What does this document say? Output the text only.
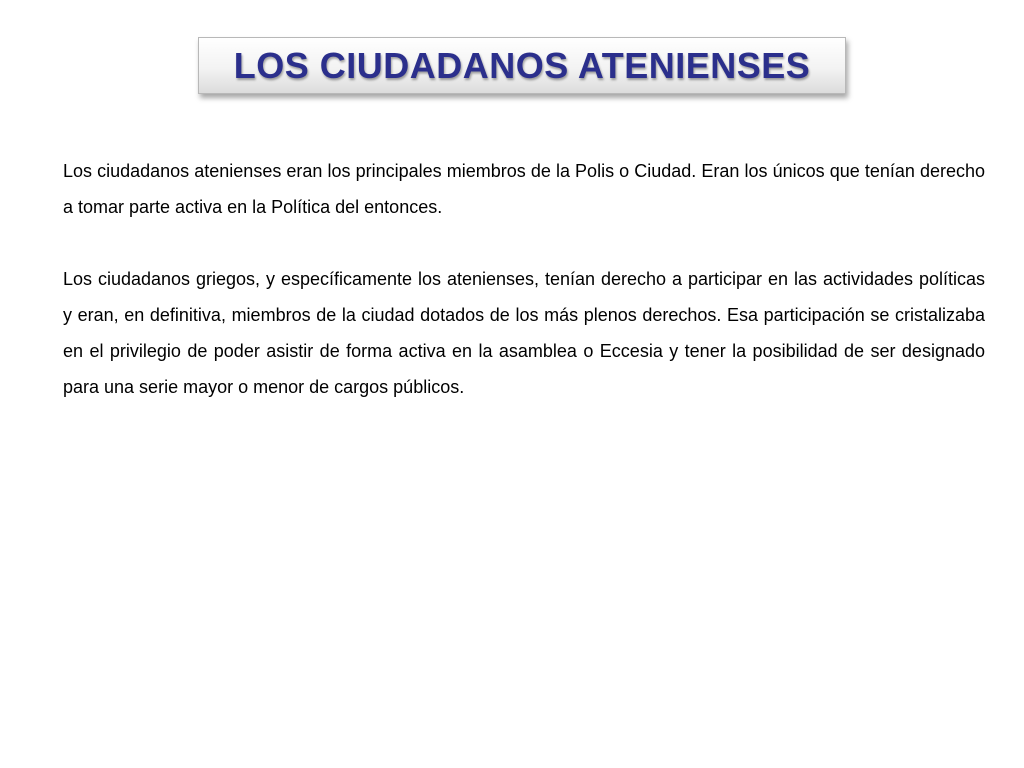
LOS CIUDADANOS ATENIENSES

Los ciudadanos atenienses eran los principales miembros de la Polis o Ciudad. Eran los únicos que tenían derecho a tomar parte activa en la Política del entonces.

Los ciudadanos griegos, y específicamente los atenienses, tenían derecho a participar en las actividades políticas y eran, en definitiva, miembros de la ciudad dotados de los más plenos derechos. Esa participación se cristalizaba en el privilegio de poder asistir de forma activa en la asamblea o Eccesia y tener la posibilidad de ser designado para una serie mayor o menor de cargos públicos.
